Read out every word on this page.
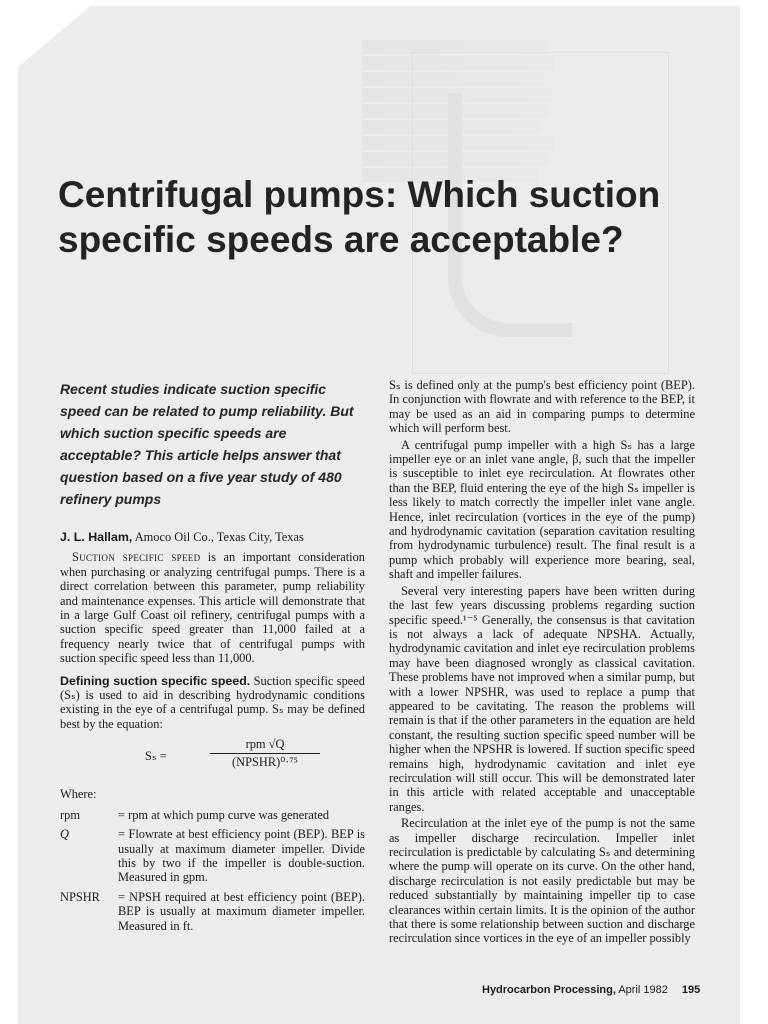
Centrifugal pumps: Which suction specific speeds are acceptable?

Recent studies indicate suction specific speed can be related to pump reliability. But which suction specific speeds are acceptable? This article helps answer that question based on a five year study of 480 refinery pumps

J. L. Hallam, Amoco Oil Co., Texas City, Texas

Suction specific speed is an important consideration when purchasing or analyzing centrifugal pumps. There is a direct correlation between this parameter, pump reliability and maintenance expenses. This article will demonstrate that in a large Gulf Coast oil refinery, centrifugal pumps with a suction specific speed greater than 11,000 failed at a frequency nearly twice that of centrifugal pumps with suction specific speed less than 11,000.

Defining suction specific speed. Suction specific speed (Sₛ) is used to aid in describing hydrodynamic conditions existing in the eye of a centrifugal pump. Sₛ may be defined best by the equation:

Sₛ =
rpm √Q
(NPSHR)⁰·⁷⁵

Where:

rpm	= rpm at which pump curve was generated
Q	= Flowrate at best efficiency point (BEP). BEP is usually at maximum diameter impeller. Divide this by two if the impeller is double-suction. Measured in gpm.
NPSHR	= NPSH required at best efficiency point (BEP). BEP is usually at maximum diameter impeller. Measured in ft.

Sₛ is defined only at the pump's best efficiency point (BEP). In conjunction with flowrate and with reference to the BEP, it may be used as an aid in comparing pumps to determine which will perform best.

A centrifugal pump impeller with a high Sₛ has a large impeller eye or an inlet vane angle, β, such that the impeller is susceptible to inlet eye recirculation. At flowrates other than the BEP, fluid entering the eye of the high Sₛ impeller is less likely to match correctly the impeller inlet vane angle. Hence, inlet recirculation (vortices in the eye of the pump) and hydrodynamic cavitation (separation cavitation resulting from hydrodynamic turbulence) result. The final result is a pump which probably will experience more bearing, seal, shaft and impeller failures.

Several very interesting papers have been written during the last few years discussing problems regarding suction specific speed.¹⁻⁵ Generally, the consensus is that cavitation is not always a lack of adequate NPSHA. Actually, hydrodynamic cavitation and inlet eye recirculation problems may have been diagnosed wrongly as classical cavitation. These problems have not improved when a similar pump, but with a lower NPSHR, was used to replace a pump that appeared to be cavitating. The reason the problems will remain is that if the other parameters in the equation are held constant, the resulting suction specific speed number will be higher when the NPSHR is lowered. If suction specific speed remains high, hydrodynamic cavitation and inlet eye recirculation will still occur. This will be demonstrated later in this article with related acceptable and unacceptable ranges.

Recirculation at the inlet eye of the pump is not the same as impeller discharge recirculation. Impeller inlet recirculation is predictable by calculating Sₛ and determining where the pump will operate on its curve. On the other hand, discharge recirculation is not easily predictable but may be reduced substantially by maintaining impeller tip to case clearances within certain limits. It is the opinion of the author that there is some relationship between suction and discharge recirculation since vortices in the eye of an impeller possibly

Hydrocarbon Processing, April 1982 195
